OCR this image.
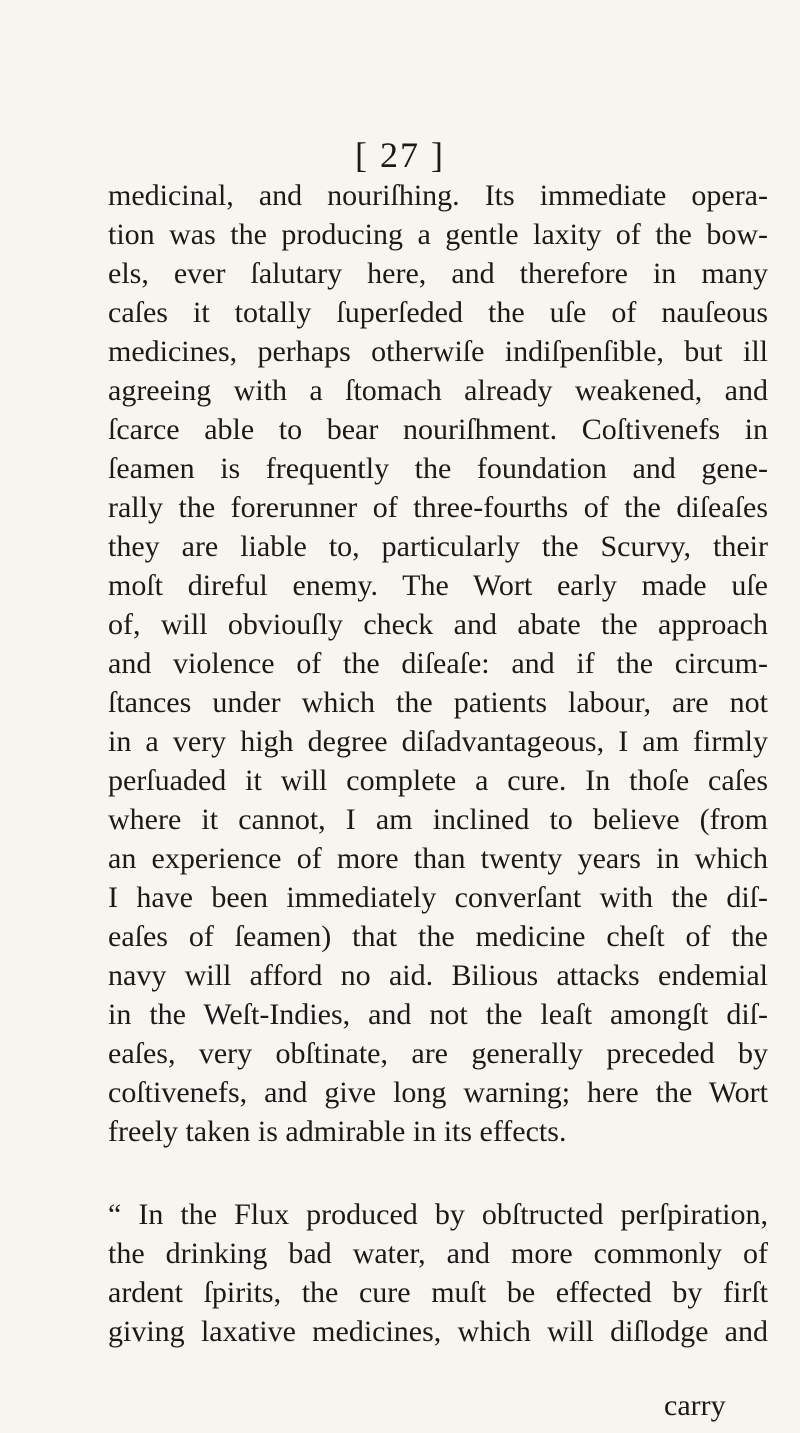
[ 27 ]
medicinal, and nouriſhing. Its immediate opera-
tion was the producing a gentle laxity of the bow-
els, ever ſalutary here, and therefore in many
caſes it totally ſuperſeded the uſe of nauſeous
medicines, perhaps otherwiſe indiſpenſible, but ill
agreeing with a ſtomach already weakened, and
ſcarce able to bear nouriſhment. Coſtivenefs in
ſeamen is frequently the foundation and gene-
rally the forerunner of three-fourths of the diſeaſes
they are liable to, particularly the Scurvy, their
moſt direful enemy. The Wort early made uſe
of, will obviouſly check and abate the approach
and violence of the diſeaſe: and if the circum-
ſtances under which the patients labour, are not
in a very high degree diſadvantageous, I am firmly
perſuaded it will complete a cure. In thoſe caſes
where it cannot, I am inclined to believe (from
an experience of more than twenty years in which
I have been immediately converſant with the diſ-
eaſes of ſeamen) that the medicine cheſt of the
navy will afford no aid. Bilious attacks endemial
in the Weſt-Indies, and not the leaſt amongſt diſ-
eaſes, very obſtinate, are generally preceded by
coſtivenefs, and give long warning; here the Wort
freely taken is admirable in its effects.
“ In the Flux produced by obſtructed perſpiration,
the drinking bad water, and more commonly of
ardent ſpirits, the cure muſt be effected by firſt
giving laxative medicines, which will diſlodge and
carry
